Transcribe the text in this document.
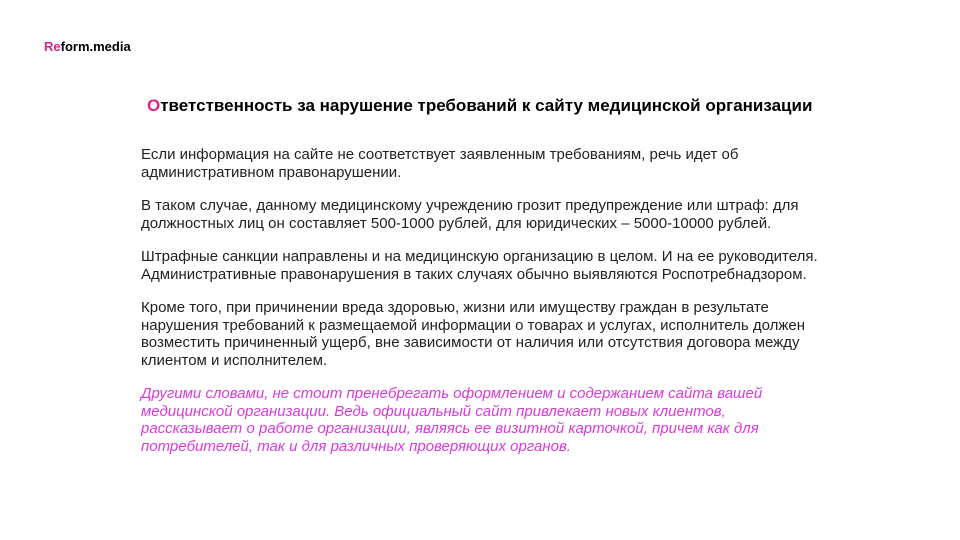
Reform.media
Ответственность за нарушение требований к сайту медицинской организации

Если информация на сайте не соответствует заявленным требованиям, речь идет об административном правонарушении.

В таком случае, данному медицинскому учреждению грозит предупреждение или штраф: для должностных лиц он составляет 500-1000 рублей, для юридических – 5000-10000 рублей.

Штрафные санкции направлены и на медицинскую организацию в целом. И на ее руководителя. Административные правонарушения в таких случаях обычно выявляются Роспотребнадзором.

Кроме того, при причинении вреда здоровью, жизни или имуществу граждан в результате нарушения требований к размещаемой информации о товарах и услугах, исполнитель должен возместить причиненный ущерб, вне зависимости от наличия или отсутствия договора между клиентом и исполнителем.

Другими словами, не стоит пренебрегать оформлением и содержанием сайта вашей медицинской организации. Ведь официальный сайт привлекает новых клиентов, рассказывает о работе организации, являясь ее визитной карточкой, причем как для потребителей, так и для различных проверяющих органов.
